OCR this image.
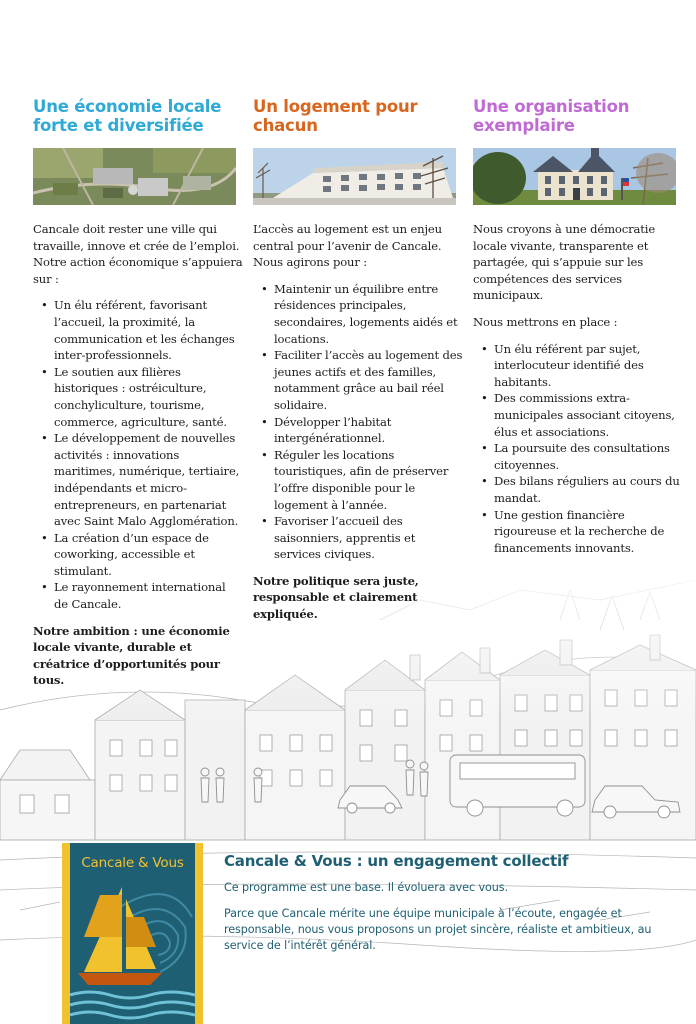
Une économie locale forte et diversifiée

Cancale doit rester une ville qui travaille, innove et crée de l’emploi. Notre action économique s’appuiera sur :

• Un élu référent, favorisant l’accueil, la proximité, la communication et les échanges inter-professionnels.
• Le soutien aux filières historiques : ostréiculture, conchyliculture, tourisme, commerce, agriculture, santé.
• Le développement de nouvelles activités : innovations maritimes, numérique, tertiaire, indépendants et micro-entrepreneurs, en partenariat avec Saint Malo Agglomération.
• La création d’un espace de coworking, accessible et stimulant.
• Le rayonnement international de Cancale.

Notre ambition : une économie locale vivante, durable et créatrice d’opportunités pour tous.

Un logement pour chacun

L’accès au logement est un enjeu central pour l’avenir de Cancale. Nous agirons pour :

• Maintenir un équilibre entre résidences principales, secondaires, logements aidés et locations.
• Faciliter l’accès au logement des jeunes actifs et des familles, notamment grâce au bail réel solidaire.
• Développer l’habitat intergénérationnel.
• Réguler les locations touristiques, afin de préserver l’offre disponible pour le logement à l’année.
• Favoriser l’accueil des saisonniers, apprentis et services civiques.

Notre politique sera juste, responsable et clairement expliquée.

Une organisation exemplaire

Nous croyons à une démocratie locale vivante, transparente et partagée, qui s’appuie sur les compétences des services municipaux.

Nous mettrons en place :

• Un élu référent par sujet, interlocuteur identifié des habitants.
• Des commissions extra-municipales associant citoyens, élus et associations.
• La poursuite des consultations citoyennes.
• Des bilans réguliers au cours du mandat.
• Une gestion financière rigoureuse et la recherche de financements innovants.
Cancale & Vous	Cancale & Vous : un engagement collectif

Ce programme est une base. Il évoluera avec vous.

Parce que Cancale mérite une équipe municipale à l’écoute, engagée et responsable, nous vous proposons un projet sincère, réaliste et ambitieux, au service de l’intérêt général.
